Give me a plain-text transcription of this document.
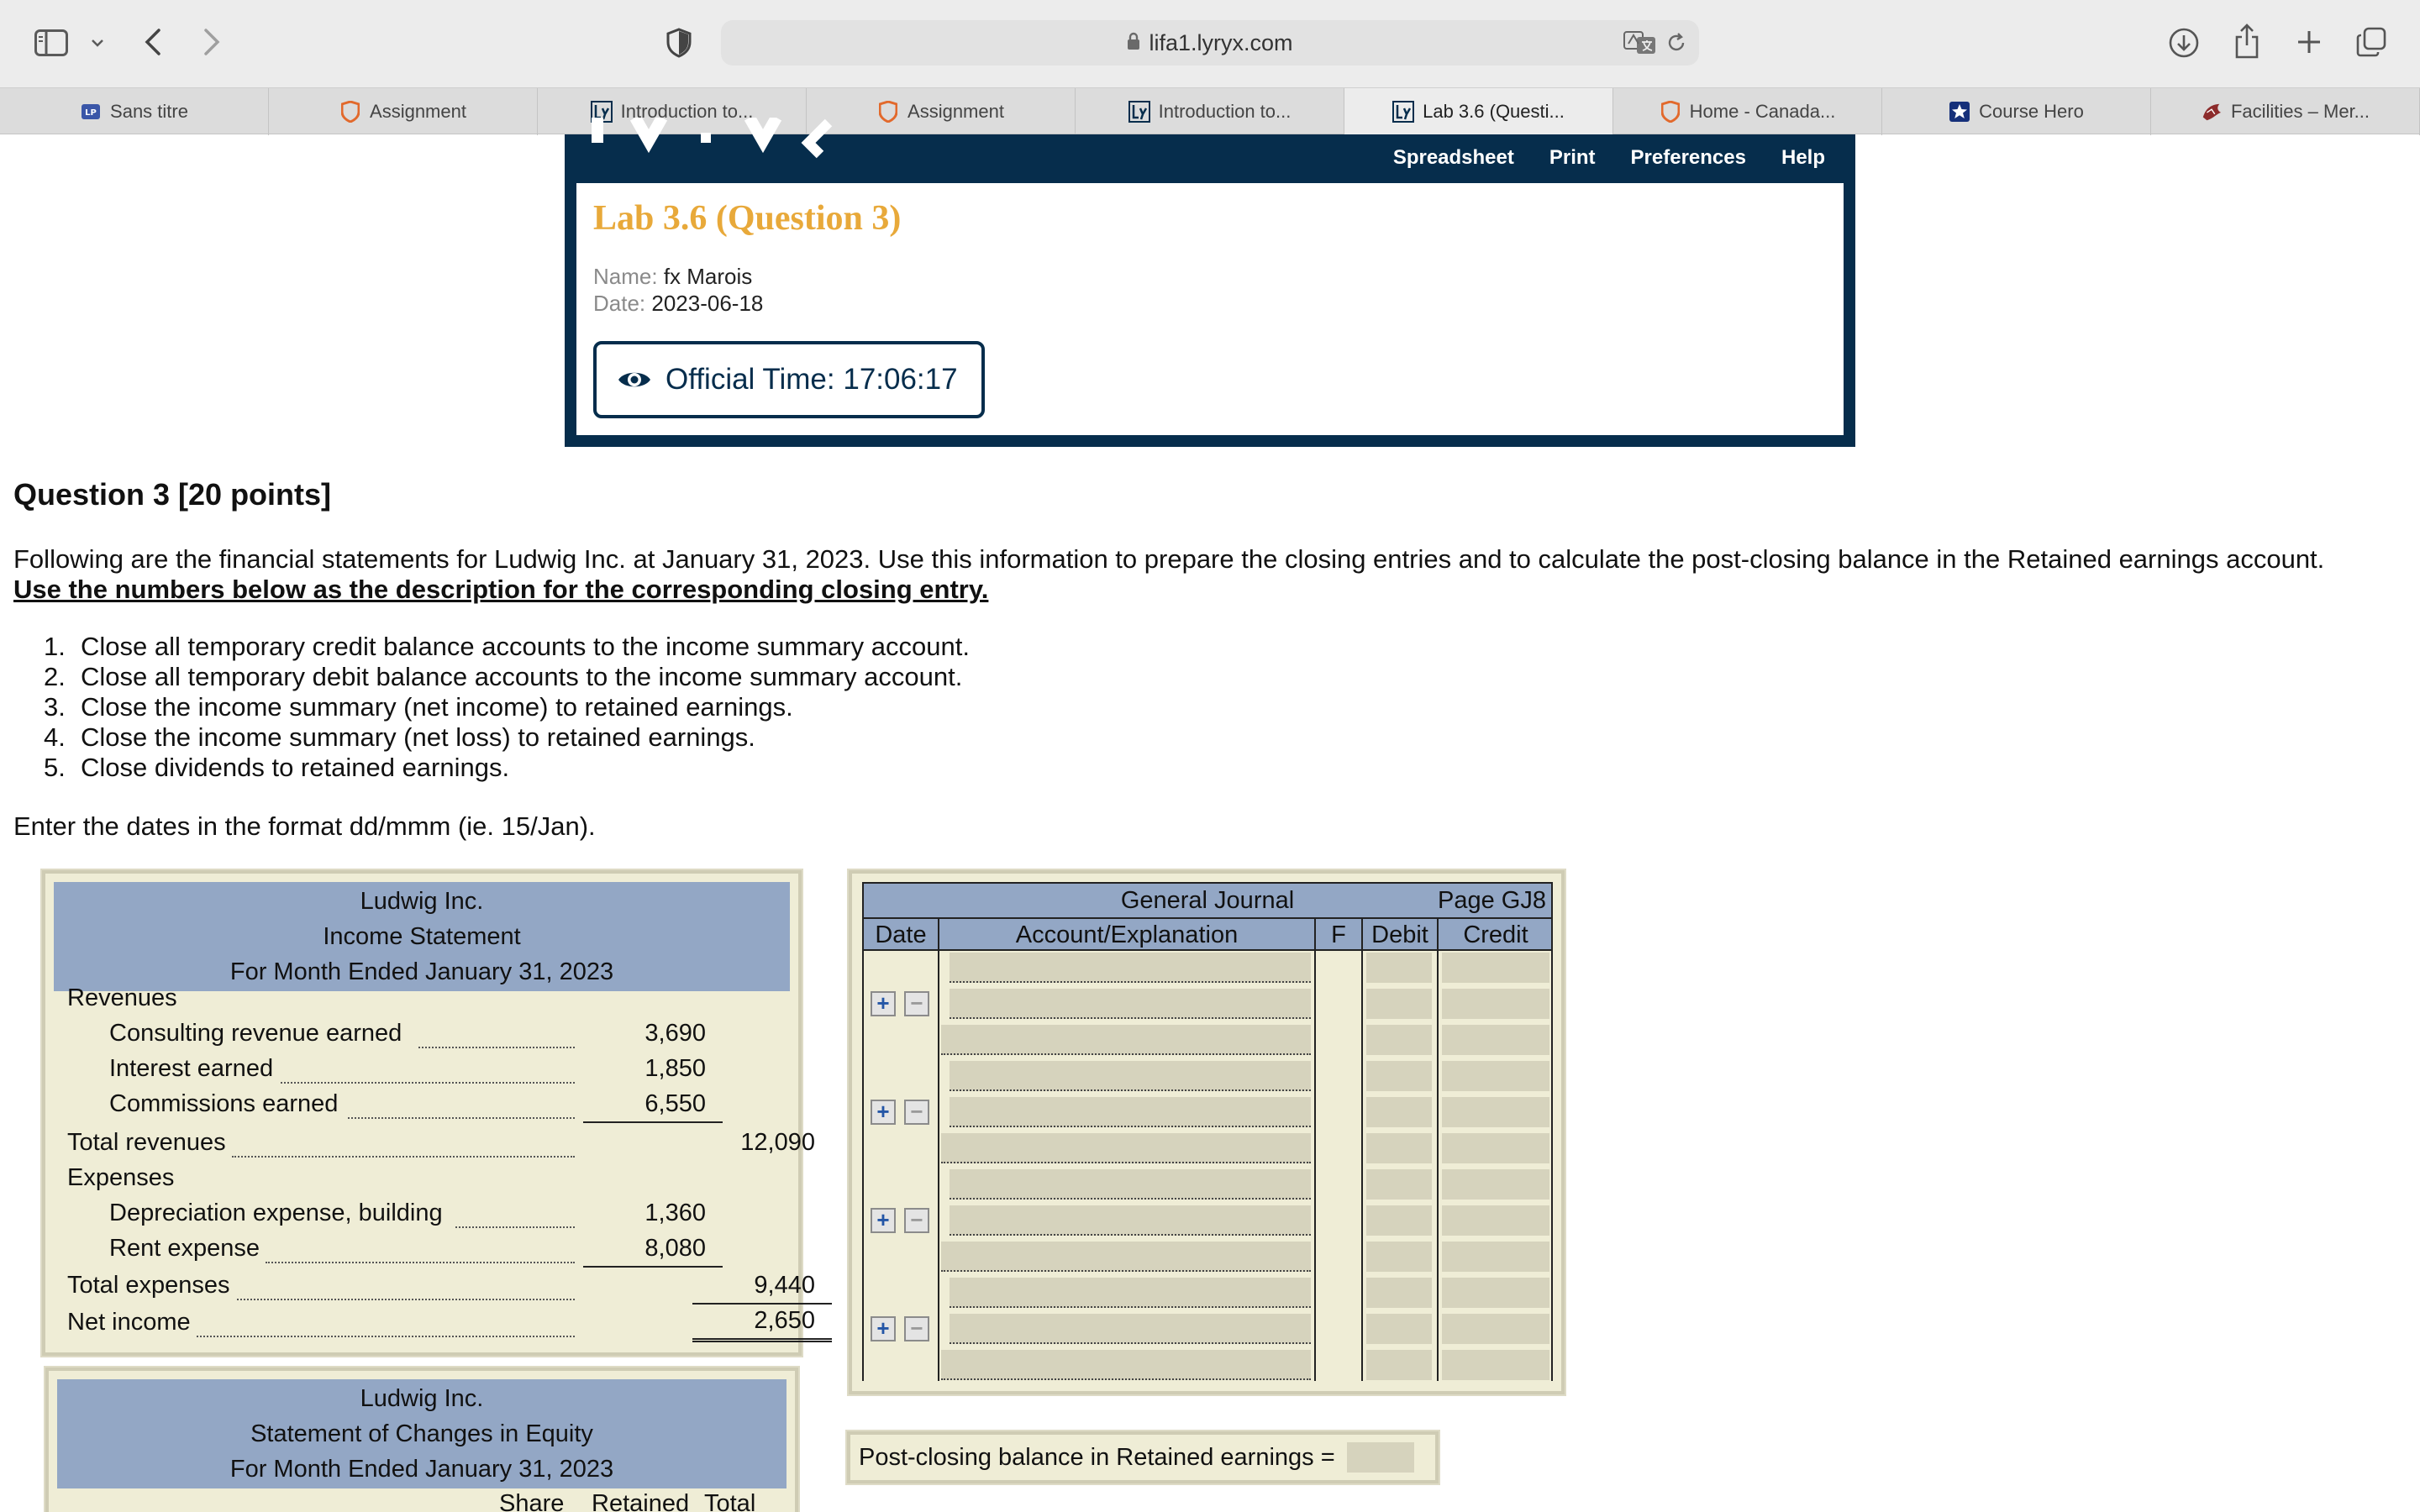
lifa1.lyryx.com
LP Sans titre	Assignment	Introduction to...	Assignment	Introduction to...	Lab 3.6 (Questi...	Home - Canada...	Course Hero	Facilities – Mer...
Spreadsheet Print Preferences Help
Lab 3.6 (Question 3)
Name: fx Marois
Date: 2023-06-18
Official Time: 17:06:17
Question 3 [20 points]
Following are the financial statements for Ludwig Inc. at January 31, 2023. Use this information to prepare the closing entries and to calculate the post-closing balance in the Retained earnings account.
Use the numbers below as the description for the corresponding closing entry.
1. Close all temporary credit balance accounts to the income summary account.
2. Close all temporary debit balance accounts to the income summary account.
3. Close the income summary (net income) to retained earnings.
4. Close the income summary (net loss) to retained earnings.
5. Close dividends to retained earnings.
Enter the dates in the format dd/mmm (ie. 15/Jan).
Ludwig Inc.
Income Statement
For Month Ended January 31, 2023
Revenues
Consulting revenue earned	3,690
Interest earned	1,850
Commissions earned	6,550
Total revenues	12,090
Expenses
Depreciation expense, building	1,360
Rent expense	8,080
Total expenses	9,440
Net income	2,650
Ludwig Inc.
Statement of Changes in Equity
For Month Ended January 31, 2023
Share Retained Total
General Journal	Page GJ8
Date	Account/Explanation	F	Debit	Credit
+ −
+ −
+ −
+ −
Post-closing balance in Retained earnings =
